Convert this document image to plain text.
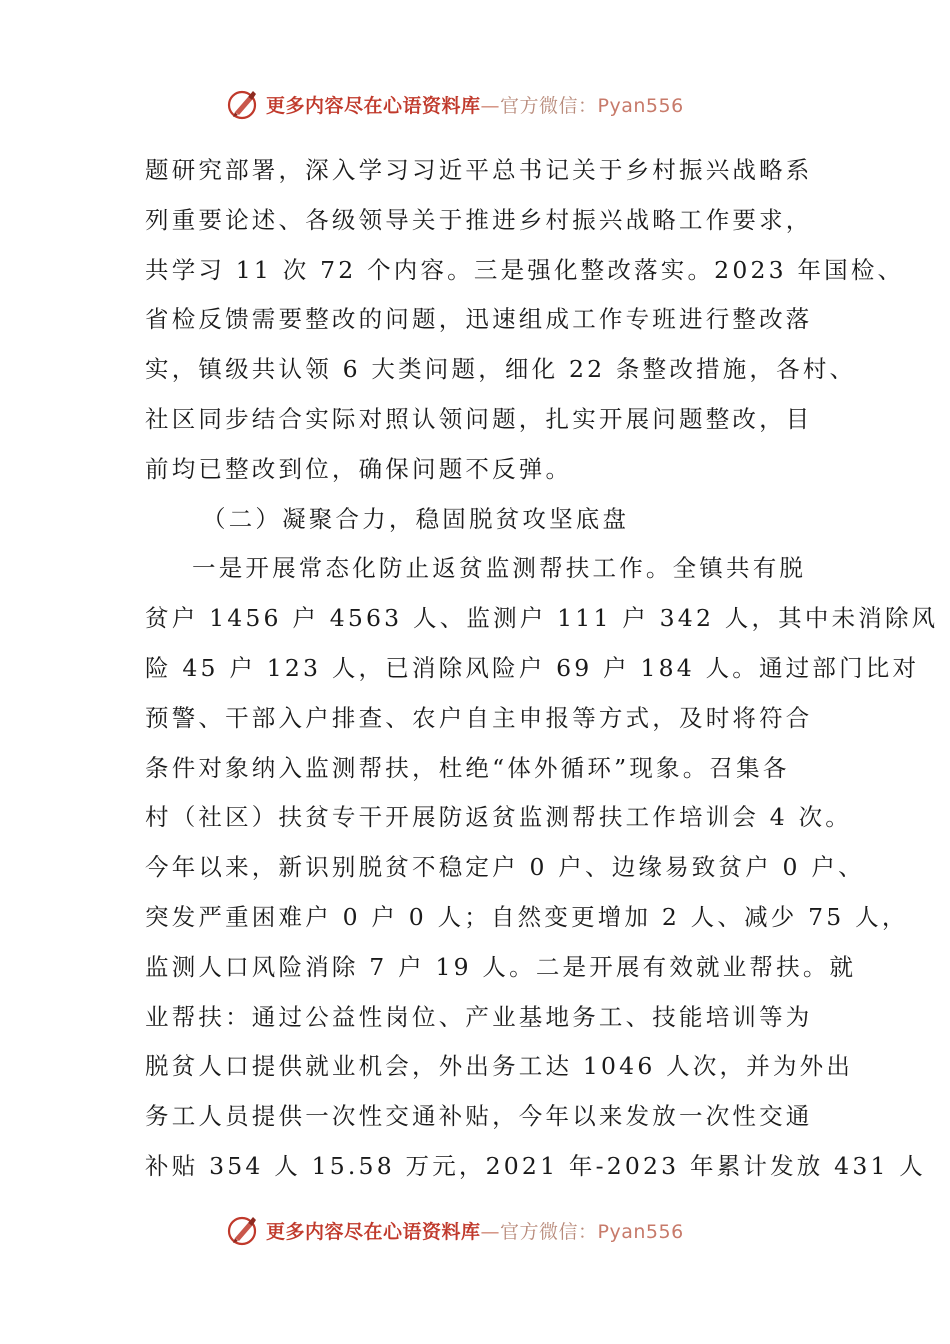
更多内容尽在心语资料库—官方微信：Pyan556
题研究部署，深入学习习近平总书记关于乡村振兴战略系
列重要论述、各级领导关于推进乡村振兴战略工作要求，
共学习 11 次 72 个内容。三是强化整改落实。2023 年国检、
省检反馈需要整改的问题，迅速组成工作专班进行整改落
实，镇级共认领 6 大类问题，细化 22 条整改措施，各村、
社区同步结合实际对照认领问题，扎实开展问题整改，目
前均已整改到位，确保问题不反弹。
（二）凝聚合力，稳固脱贫攻坚底盘
一是开展常态化防止返贫监测帮扶工作。全镇共有脱
贫户 1456 户 4563 人、监测户 111 户 342 人，其中未消除风
险 45 户 123 人，已消除风险户 69 户 184 人。通过部门比对
预警、干部入户排查、农户自主申报等方式，及时将符合
条件对象纳入监测帮扶，杜绝“体外循环”现象。召集各
村（社区）扶贫专干开展防返贫监测帮扶工作培训会 4 次。
今年以来，新识别脱贫不稳定户 0 户、边缘易致贫户 0 户、
突发严重困难户 0 户 0 人；自然变更增加 2 人、减少 75 人，
监测人口风险消除 7 户 19 人。二是开展有效就业帮扶。就
业帮扶：通过公益性岗位、产业基地务工、技能培训等为
脱贫人口提供就业机会，外出务工达 1046 人次，并为外出
务工人员提供一次性交通补贴，今年以来发放一次性交通
补贴 354 人 15.58 万元，2021 年-2023 年累计发放 431 人
更多内容尽在心语资料库—官方微信：Pyan556
